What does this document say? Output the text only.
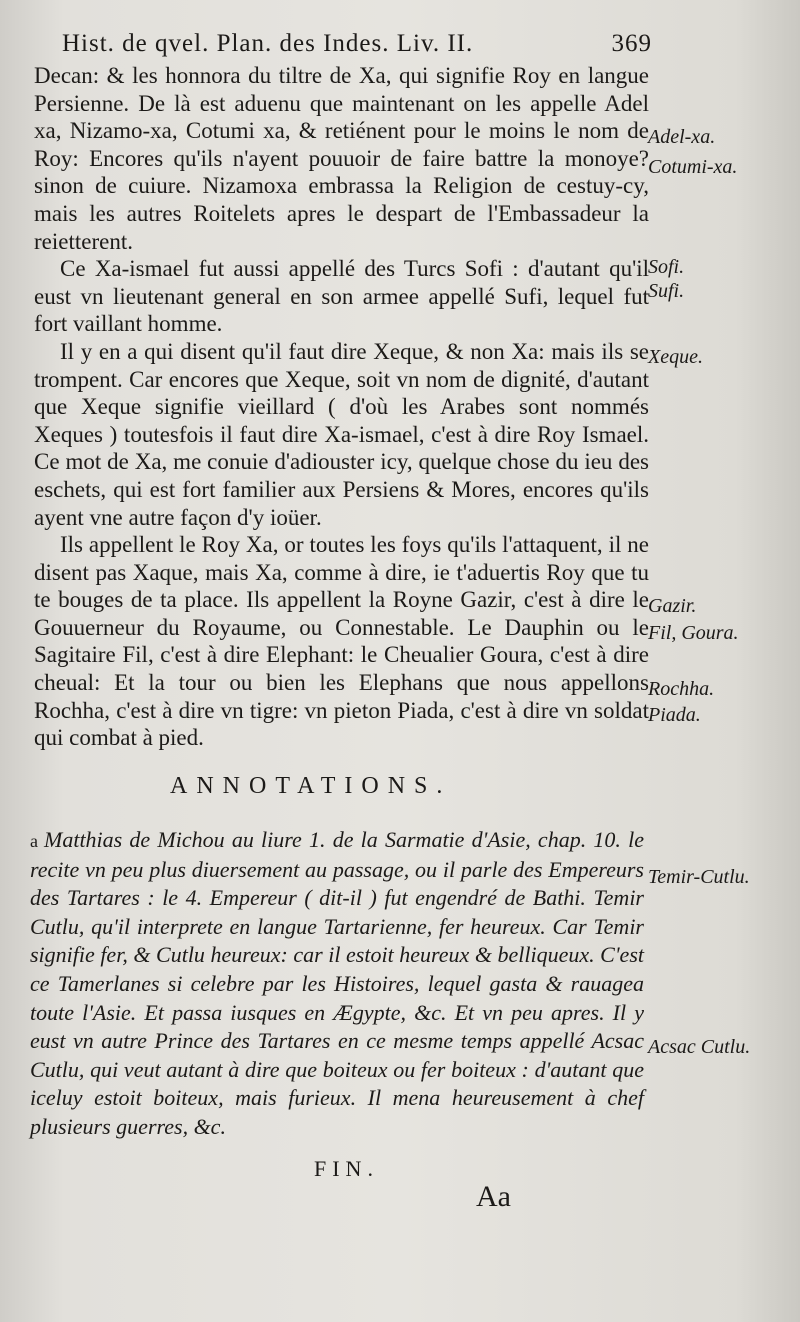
Hist. de qvel. Plan. des Indes. Liv. II.	369

Decan: & les honnora du tiltre de Xa, qui signifie Roy en langue Persienne. De là est aduenu que maintenant on les appelle Adel xa, Nizamo-xa, Cotumi xa, & retiénent pour le moins le nom de Roy: Encores qu'ils n'ayent pouuoir de faire battre la monoye? sinon de cuiure. Nizamoxa embrassa la Religion de cestuy-cy, mais les autres Roitelets apres le despart de l'Embassadeur la reietterent.

Ce Xa-ismael fut aussi appellé des Turcs Sofi : d'autant qu'il eust vn lieutenant general en son armee appellé Sufi, lequel fut fort vaillant homme.

Il y en a qui disent qu'il faut dire Xeque, & non Xa: mais ils se trompent. Car encores que Xeque, soit vn nom de dignité, d'autant que Xeque signifie vieillard ( d'où les Arabes sont nommés Xeques ) toutesfois il faut dire Xa-ismael, c'est à dire Roy Ismael. Ce mot de Xa, me conuie d'adiouster icy, quelque chose du ieu des eschets, qui est fort familier aux Persiens & Mores, encores qu'ils ayent vne autre façon d'y ioüer.

Ils appellent le Roy Xa, or toutes les foys qu'ils l'attaquent, il ne disent pas Xaque, mais Xa, comme à dire, ie t'aduertis Roy que tu te bouges de ta place. Ils appellent la Royne Gazir, c'est à dire le Gouuerneur du Royaume, ou Connestable. Le Dauphin ou le Sagitaire Fil, c'est à dire Elephant: le Cheualier Goura, c'est à dire cheual: Et la tour ou bien les Elephans que nous appellons Rochha, c'est à dire vn tigre: vn pieton Piada, c'est à dire vn soldat qui combat à pied.

Adel-xa.
Cotumi-xa.
Sofi.
Sufi.
Xeque.
Gazir.
Fil, Goura.
Rochha.
Piada.
ANNOTATIONS.
a Matthias de Michou au liure 1. de la Sarmatie d'Asie, chap. 10. le recite vn peu plus diuersement au passage, ou il parle des Empereurs des Tartares : le 4. Empereur ( dit-il ) fut engendré de Bathi. Temir Cutlu, qu'il interprete en langue Tartarienne, fer heureux. Car Temir signifie fer, & Cutlu heureux: car il estoit heureux & belliqueux. C'est ce Tamerlanes si celebre par les Histoires, lequel gasta & rauagea toute l'Asie. Et passa iusques en Ægypte, &c. Et vn peu apres. Il y eust vn autre Prince des Tartares en ce mesme temps appellé Acsac Cutlu, qui veut autant à dire que boiteux ou fer boiteux : d'autant que iceluy estoit boiteux, mais furieux. Il mena heureusement à chef plusieurs guerres, &c.
Temir-Cutlu.
Acsac Cutlu.
FIN.
Aa
